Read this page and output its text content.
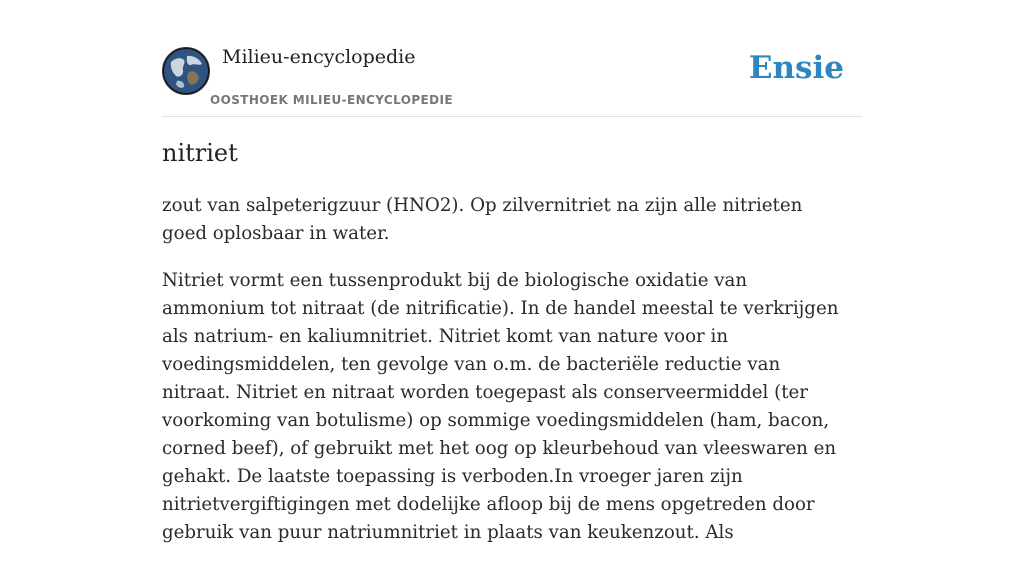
Milieu-encyclopedie
OOSTHOEK MILIEU-ENCYCLOPEDIE
Ensie
nitriet

zout van salpeterigzuur (HNO2). Op zilvernitriet na zijn alle nitrieten goed oplosbaar in water.

Nitriet vormt een tussenprodukt bij de biologische oxidatie van ammonium tot nitraat (de nitrificatie). In de handel meestal te verkrijgen als natrium- en kaliumnitriet. Nitriet komt van nature voor in voedingsmiddelen, ten gevolge van o.m. de bacteriële reductie van nitraat. Nitriet en nitraat worden toegepast als conserveermiddel (ter voorkoming van botulisme) op sommige voedingsmiddelen (ham, bacon, corned beef), of gebruikt met het oog op kleurbehoud van vleeswaren en gehakt. De laatste toepassing is verboden.In vroeger jaren zijn nitrietvergiftigingen met dodelijke afloop bij de mens opgetreden door gebruik van puur natriumnitriet in plaats van keukenzout. Als
